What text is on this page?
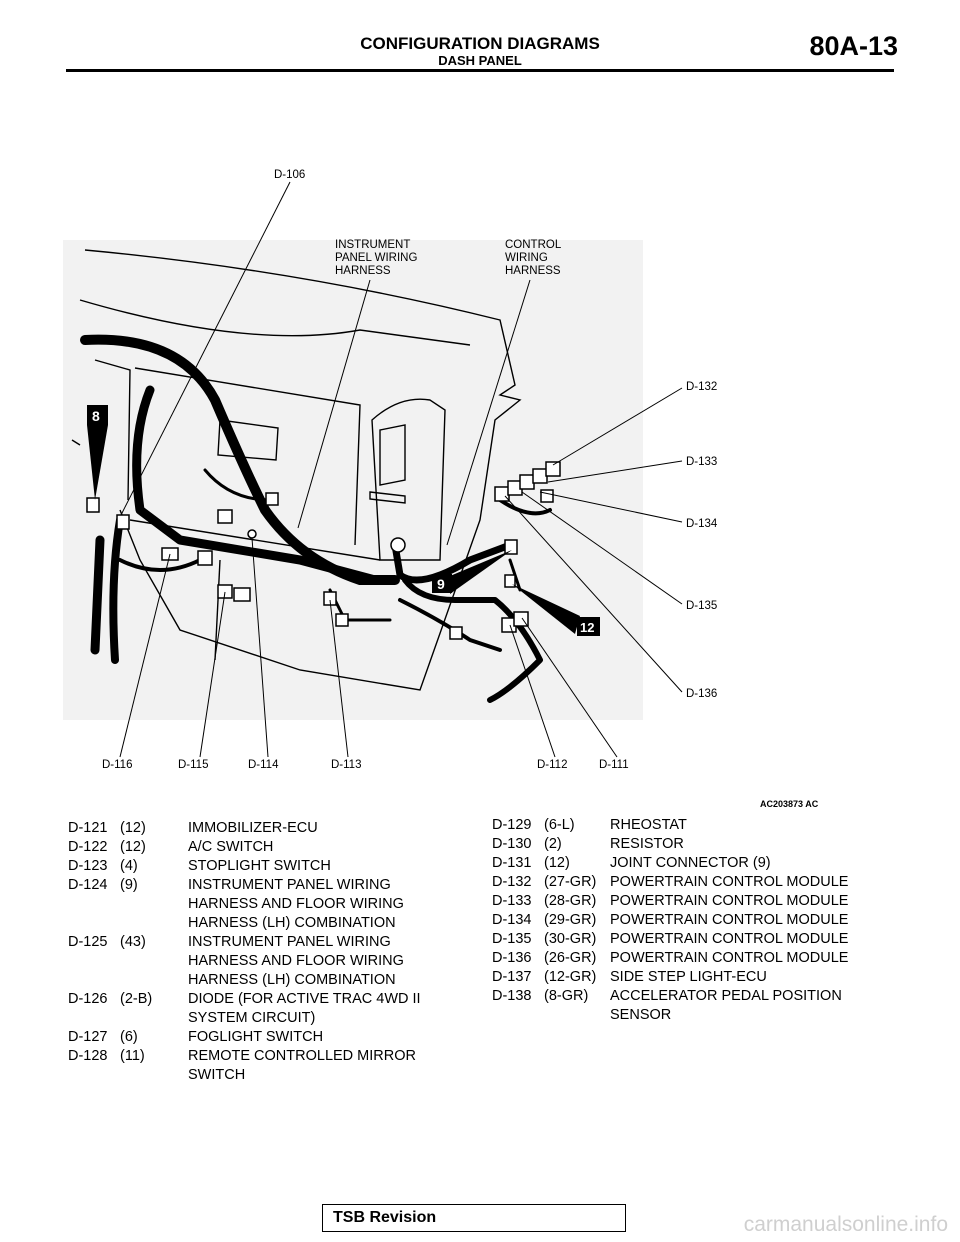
CONFIGURATION DIAGRAMS
DASH PANEL	80A-13
D-106
INSTRUMENT
PANEL WIRING
HARNESS
CONTROL
WIRING
HARNESS
D-132
D-133
D-134
D-135
D-136
D-116	D-115	D-114	D-113	D-112	D-111
8
9
12
AC203873 AC
D-121 (12)	IMMOBILIZER-ECU
D-122 (12)	A/C SWITCH
D-123 (4)	STOPLIGHT SWITCH
D-124 (9)	INSTRUMENT PANEL WIRING
HARNESS AND FLOOR WIRING
HARNESS (LH) COMBINATION
D-125 (43)	INSTRUMENT PANEL WIRING
HARNESS AND FLOOR WIRING
HARNESS (LH) COMBINATION
D-126 (2-B)	DIODE (FOR ACTIVE TRAC 4WD II
SYSTEM CIRCUIT)
D-127 (6)	FOGLIGHT SWITCH
D-128 (11)	REMOTE CONTROLLED MIRROR
SWITCH
D-129 (6-L)	RHEOSTAT
D-130 (2)	RESISTOR
D-131 (12)	JOINT CONNECTOR (9)
D-132 (27-GR) POWERTRAIN CONTROL MODULE
D-133 (28-GR) POWERTRAIN CONTROL MODULE
D-134 (29-GR) POWERTRAIN CONTROL MODULE
D-135 (30-GR) POWERTRAIN CONTROL MODULE
D-136 (26-GR) POWERTRAIN CONTROL MODULE
D-137 (12-GR) SIDE STEP LIGHT-ECU
D-138 (8-GR)	ACCELERATOR PEDAL POSITION
SENSOR
TSB Revision	carmanualsonline.info
